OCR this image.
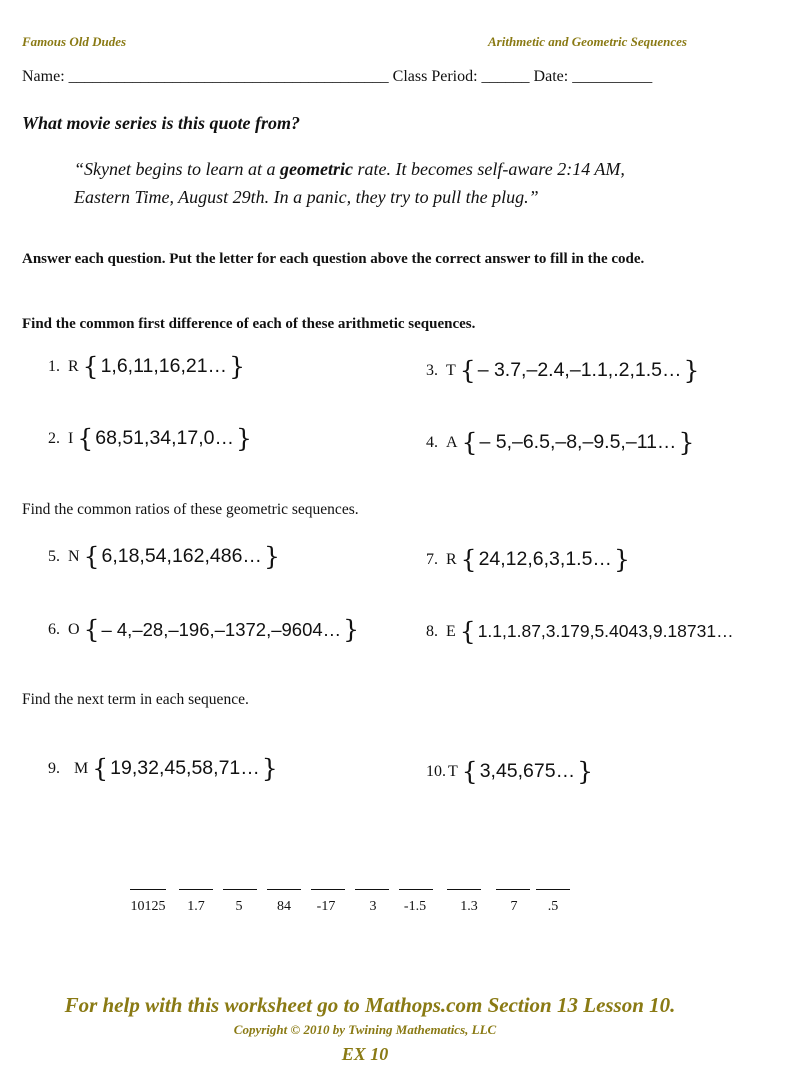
Famous Old Dudes	Arithmetic and Geometric Sequences
Name: ________________________________________ Class Period: ______ Date: __________
What movie series is this quote from?
“Skynet begins to learn at a geometric rate. It becomes self-aware 2:14 AM,
Eastern Time, August 29th. In a panic, they try to pull the plug.”
Answer each question. Put the letter for each question above the correct answer to fill in the code.
Find the common first difference of each of these arithmetic sequences.
1. R { 1,6,11,16,21… }
2. I { 68,51,34,17,0… }
3. T { – 3.7,–2.4,–1.1,.2,1.5… }
4. A { – 5,–6.5,–8,–9.5,–11… }
Find the common ratios of these geometric sequences.
5. N { 6,18,54,162,486… }
6. O { – 4,–28,–196,–1372,–9604… }
7. R { 24,12,6,3,1.5… }
8. E { 1.1,1.87,3.179,5.4043,9.18731…
Find the next term in each sequence.
9. M { 19,32,45,58,71… }	10. T { 3,45,675… }
10125	1.7	5	84	-17	3	-1.5	1.3	7	.5
For help with this worksheet go to Mathops.com Section 13 Lesson 10.
Copyright © 2010 by Twining Mathematics, LLC
EX 10
